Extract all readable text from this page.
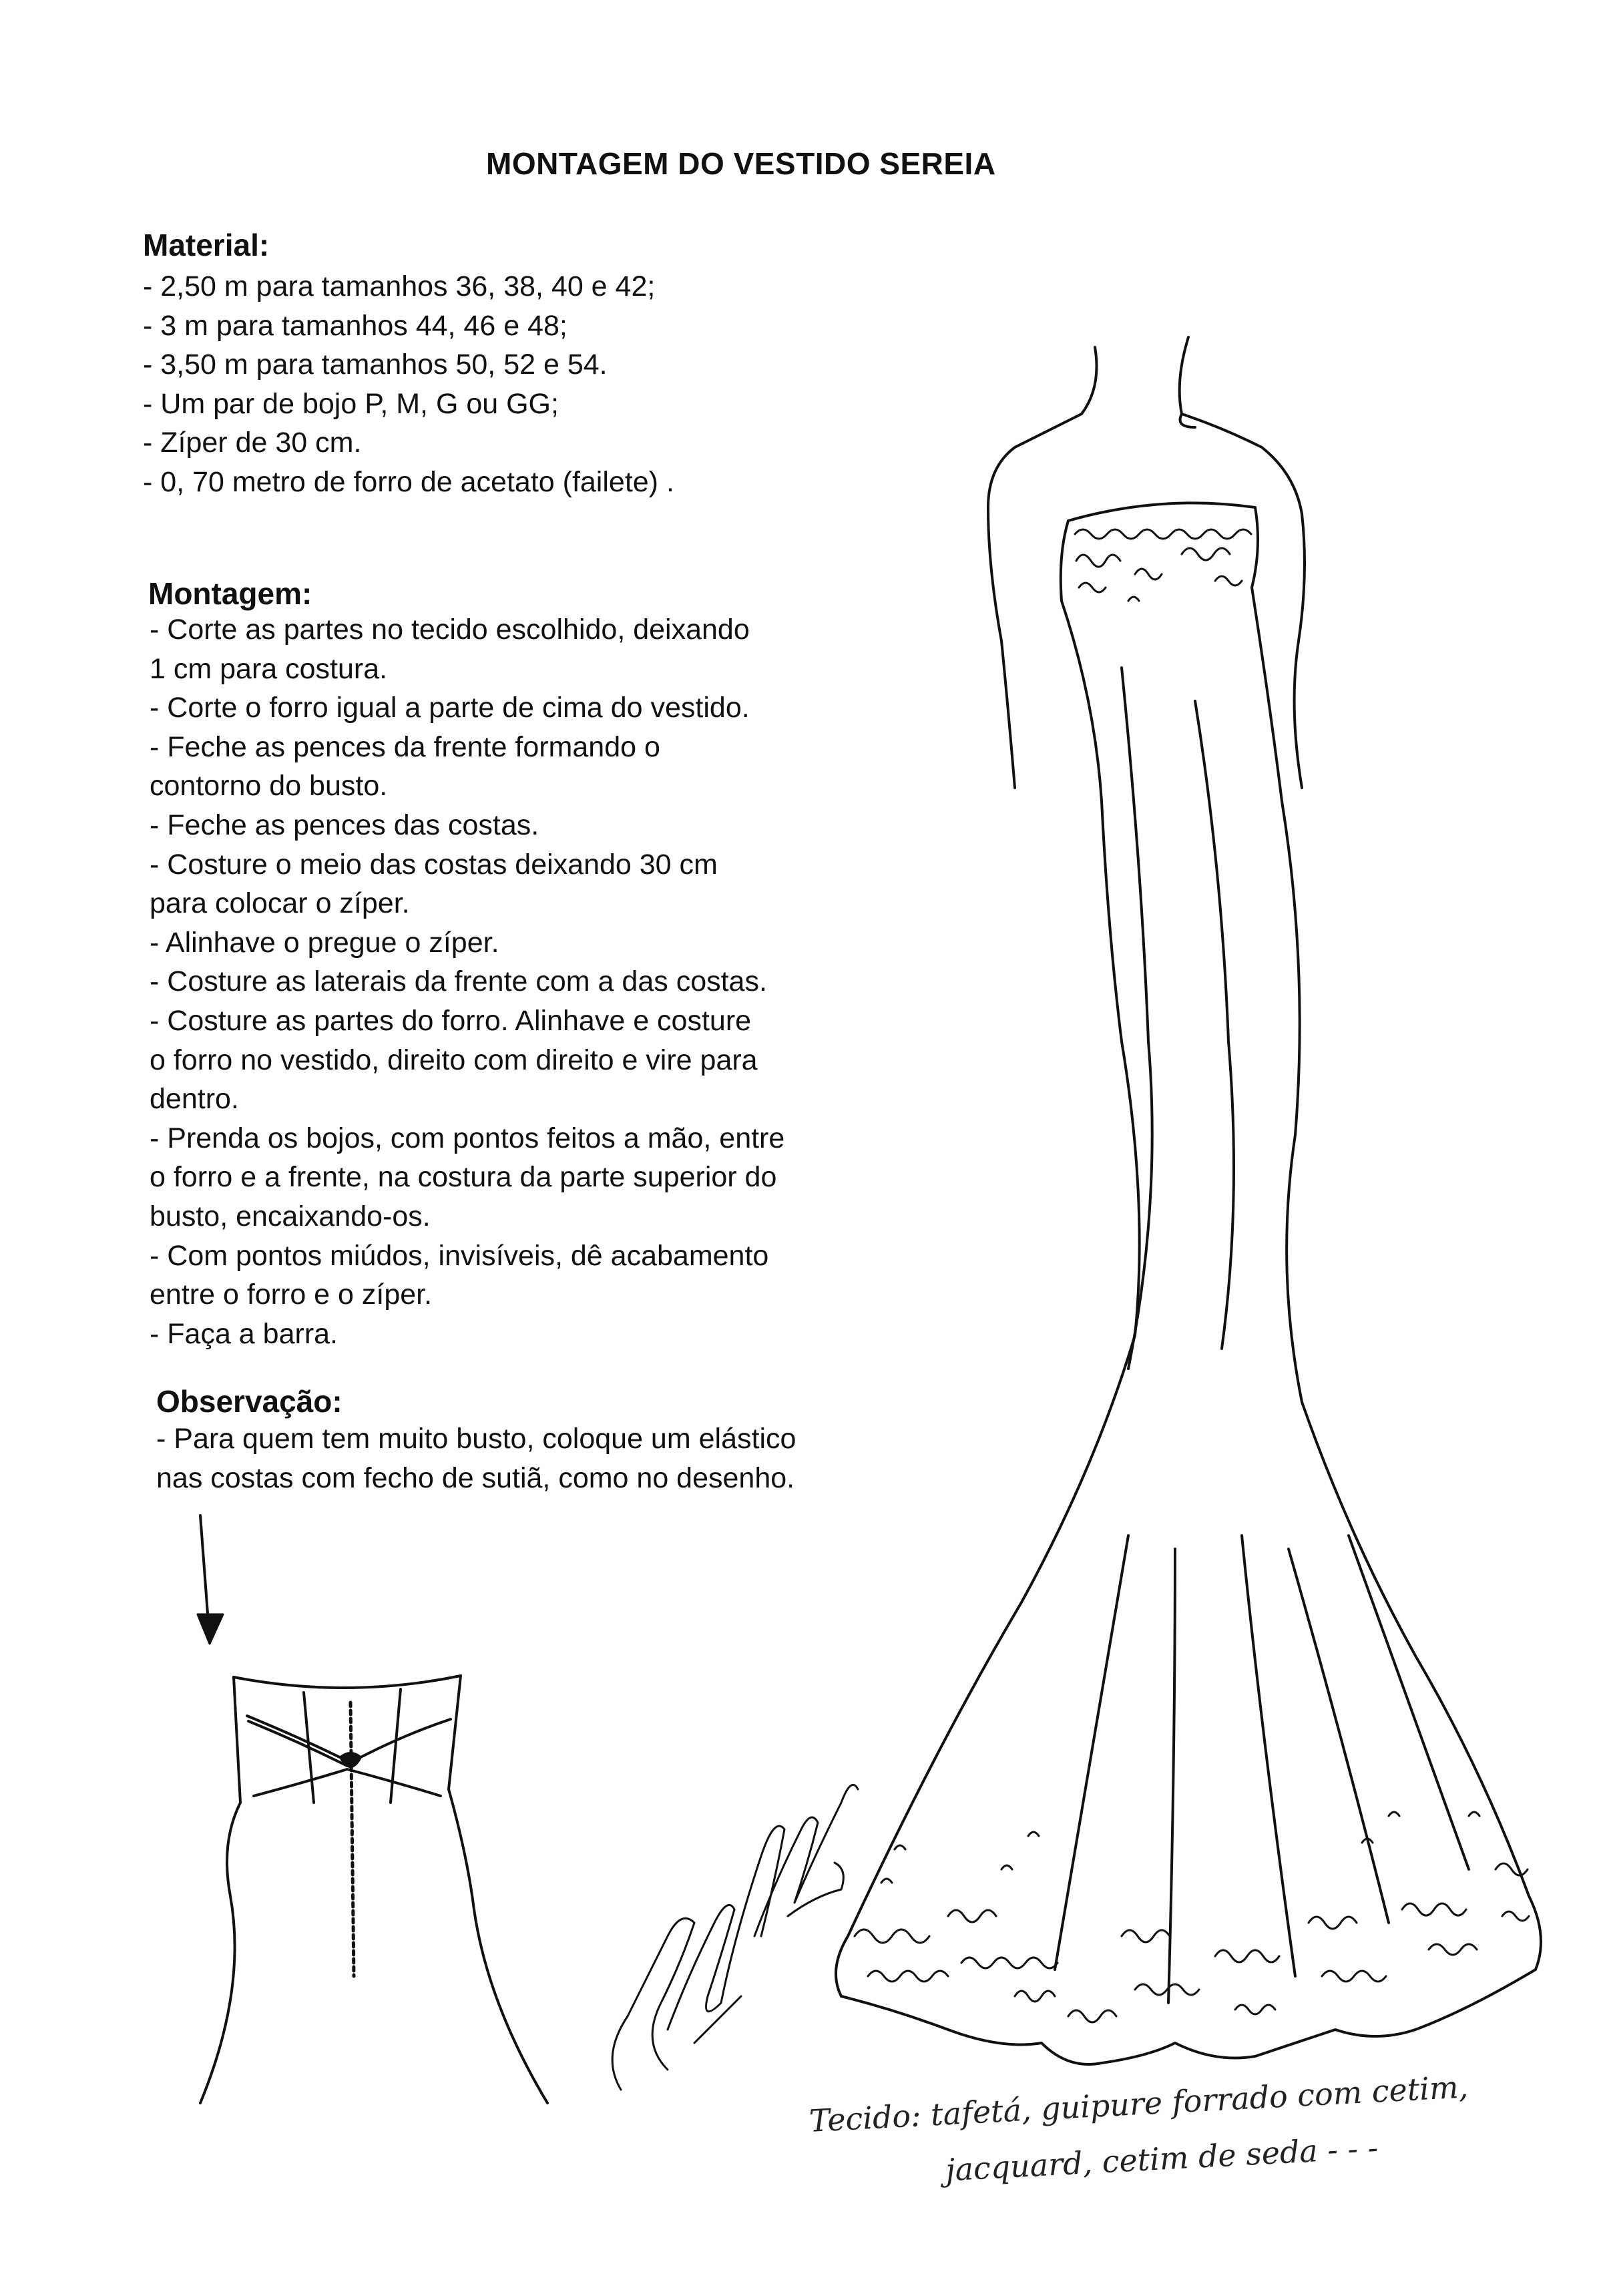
MONTAGEM DO VESTIDO SEREIA
Material:
- 2,50 m para tamanhos 36, 38, 40 e 42;
- 3 m para tamanhos 44, 46 e 48;
- 3,50 m para tamanhos 50, 52 e 54.
- Um par de bojo P, M, G ou GG;
- Zíper de 30 cm.
- 0, 70 metro de forro de acetato (failete) .
Montagem:
- Corte as partes no tecido escolhido, deixando
1 cm para costura.
- Corte o forro igual a parte de cima do vestido.
- Feche as pences da frente formando o
contorno do busto.
- Feche as pences das costas.
- Costure o meio das costas deixando 30 cm
para colocar o zíper.
- Alinhave o pregue o zíper.
- Costure as laterais da frente com a das costas.
- Costure as partes do forro. Alinhave e costure
o forro no vestido, direito com direito e vire para
dentro.
- Prenda os bojos, com pontos feitos a mão, entre
o forro e a frente, na costura da parte superior do
busto, encaixando-os.
- Com pontos miúdos, invisíveis, dê acabamento
entre o forro e o zíper.
- Faça a barra.
Observação:
- Para quem tem muito busto, coloque um elástico
nas costas com fecho de sutiã, como no desenho.
Tecido: tafetá, guipure forrado com cetim,
jacquard, cetim de seda - - -
